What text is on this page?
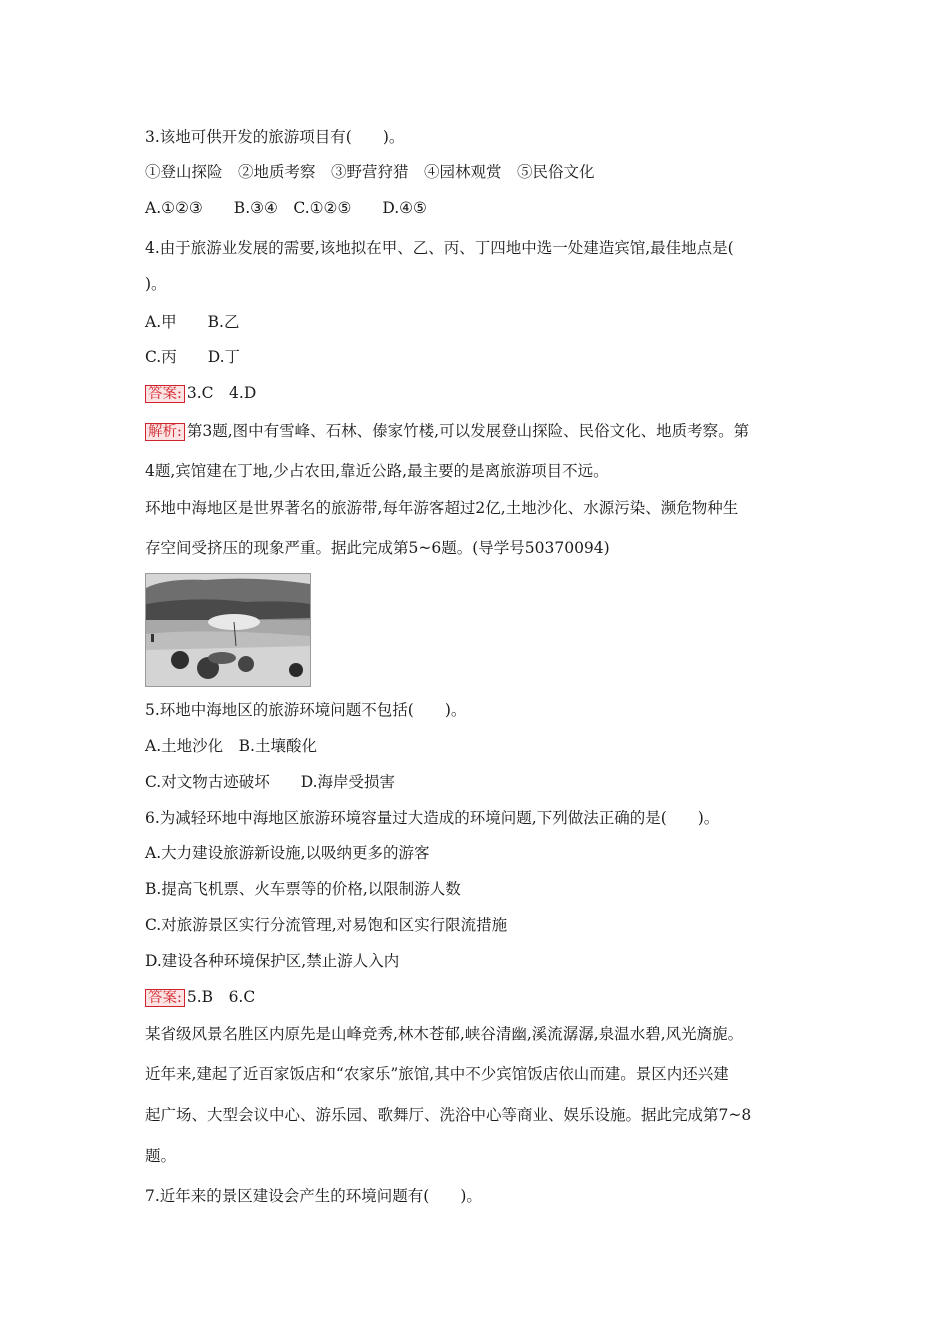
3.该地可供开发的旅游项目有(　　)。
①登山探险　②地质考察　③野营狩猎　④园林观赏　⑤民俗文化
A.①②③　　B.③④　C.①②⑤　　D.④⑤
4.由于旅游业发展的需要,该地拟在甲、乙、丙、丁四地中选一处建造宾馆,最佳地点是(
)。
A.甲　　B.乙
C.丙　　D.丁
答案: 3.C　4.D
解析: 第3题,图中有雪峰、石林、傣家竹楼,可以发展登山探险、民俗文化、地质考察。第
4题,宾馆建在丁地,少占农田,靠近公路,最主要的是离旅游项目不远。
环地中海地区是世界著名的旅游带,每年游客超过2亿,土地沙化、水源污染、濒危物种生
存空间受挤压的现象严重。据此完成第5~6题。(导学号50370094)
5.环地中海地区的旅游环境问题不包括(　　)。
A.土地沙化　B.土壤酸化
C.对文物古迹破坏　　D.海岸受损害
6.为减轻环地中海地区旅游环境容量过大造成的环境问题,下列做法正确的是(　　)。
A.大力建设旅游新设施,以吸纳更多的游客
B.提高飞机票、火车票等的价格,以限制游人数
C.对旅游景区实行分流管理,对易饱和区实行限流措施
D.建设各种环境保护区,禁止游人入内
答案: 5.B　6.C
某省级风景名胜区内原先是山峰竞秀,林木苍郁,峡谷清幽,溪流潺潺,泉温水碧,风光旖旎。
近年来,建起了近百家饭店和“农家乐”旅馆,其中不少宾馆饭店依山而建。景区内还兴建
起广场、大型会议中心、游乐园、歌舞厅、洗浴中心等商业、娱乐设施。据此完成第7~8
题。
7.近年来的景区建设会产生的环境问题有(　　)。
